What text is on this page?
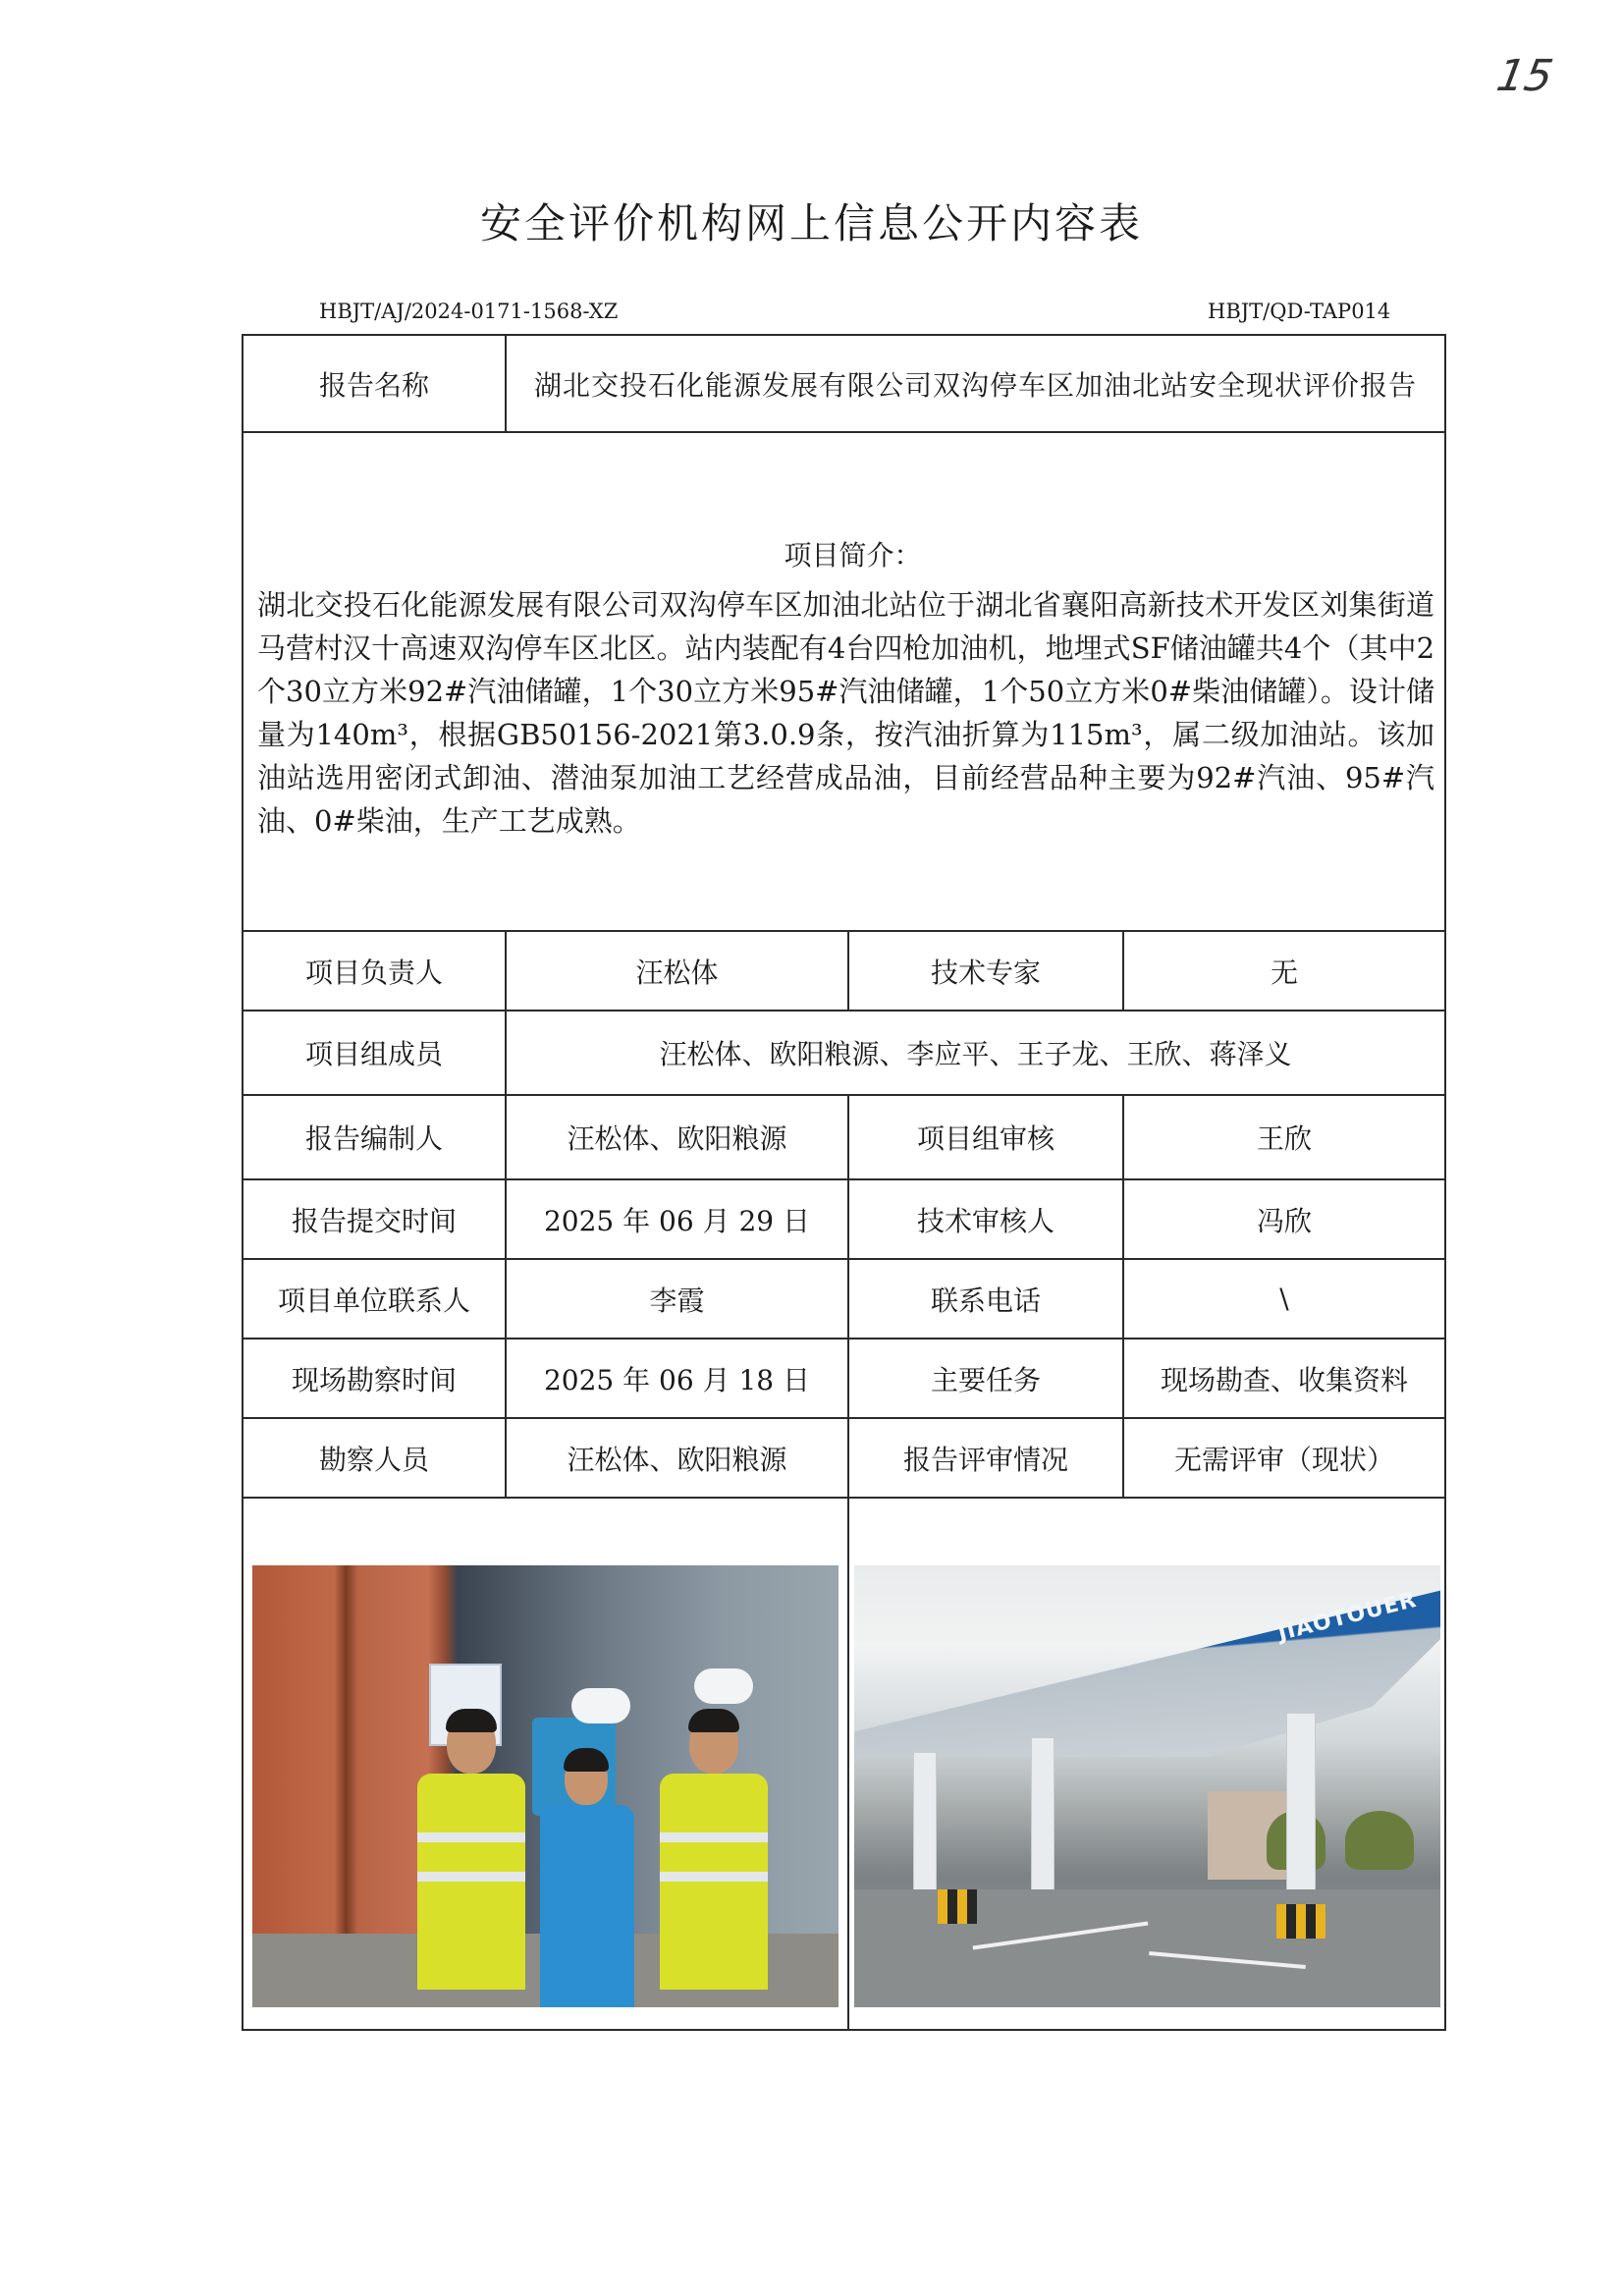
15
安全评价机构网上信息公开内容表
HBJT/AJ/2024-0171-1568-XZ	HBJT/QD-TAP014
报告名称	湖北交投石化能源发展有限公司双沟停车区加油北站安全现状评价报告		

项目简介：
湖北交投石化能源发展有限公司双沟停车区加油北站位于湖北省襄阳高新技术开发区刘集街道马营村汉十高速双沟停车区北区。站内装配有4台四枪加油机，地埋式SF储油罐共4个（其中2个30立方米92#汽油储罐，1个30立方米95#汽油储罐，1个50立方米0#柴油储罐）。设计储量为140m³，根据GB50156-2021第3.0.9条，按汽油折算为115m³，属二级加油站。该加油站选用密闭式卸油、潜油泵加油工艺经营成品油，目前经营品种主要为92#汽油、95#汽油、0#柴油，生产工艺成熟。			

项目负责人	汪松体	技术专家	无
项目组成员	汪松体、欧阳粮源、李应平、王子龙、王欣、蒋泽义		
报告编制人	汪松体、欧阳粮源	项目组审核	王欣
报告提交时间	2025 年 06 月 29 日	技术审核人	冯欣
项目单位联系人	李霞	联系电话	\
现场勘察时间	2025 年 06 月 18 日	主要任务	现场勘查、收集资料
勘察人员	汪松体、欧阳粮源	报告评审情况	无需评审（现状）

		JIAOTOUER	
